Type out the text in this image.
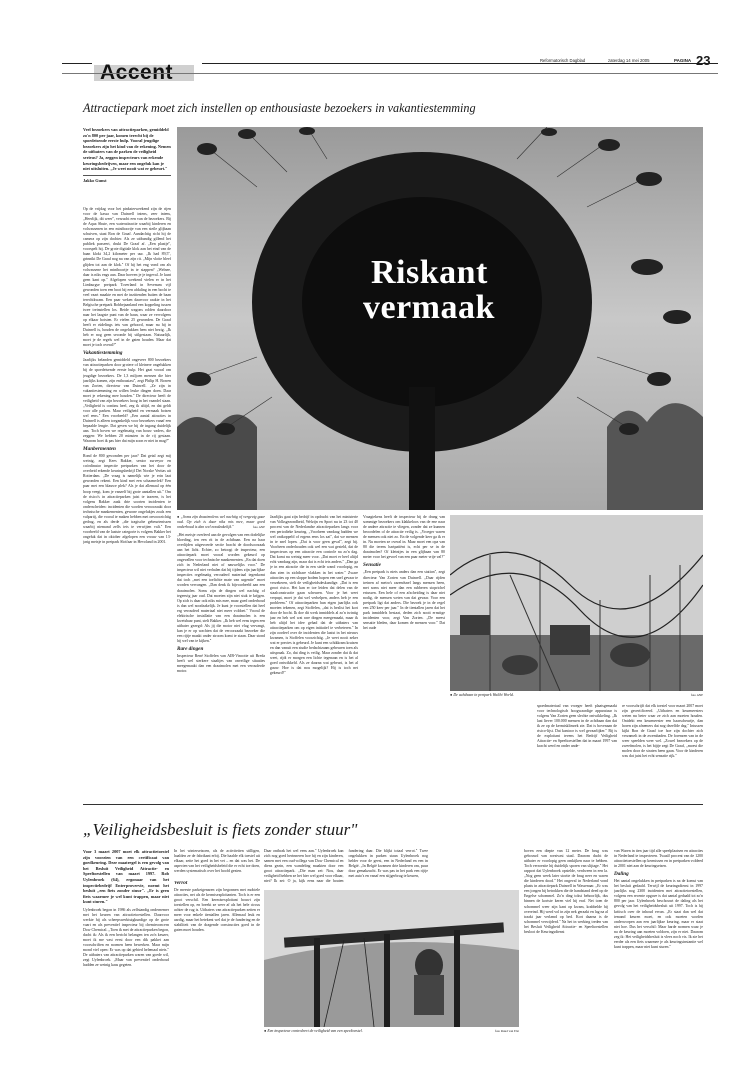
Accent
Reformatorisch Dagblad	zaterdag 14 mei 2005	PAGINA 23
Attractiepark moet zich instellen op enthousiaste bezoekers in vakantiestemming
Veel bezoekers van attractieparken, gemiddeld zo'n 800 per jaar, komen terecht bij de spoedeisende eerste hulp. Vooral jeugdige bezoekers zijn het kind van de rekening. Nemen de uitbaters van de parken de veiligheid serieus? Ja, zeggen inspecteurs van erkende keuringsbedrijven, maar een ongeluk kan je niet uitsluiten. „Je weet nooit wat er gebeurt."
Jakko Gunst

Op de vrijdag voor het pinksterweekend zijn de rijen voor de kassa van Duinrell intens, zeer intens, „Heerlijk, dit weer", verzucht een van de bezoekers. Bij de Aqua Sbute, een waterattractie waarbij kinderen en volwassenen in een miniboortje van een steile glijbaan schuiven, staat Ron de Graaf. Aandachtig richt hij de camera op zijn dochter. Als ze uitbundig gillend het publiek passeert, drukt De Graaf af. „Een plaatje", voorspelt hij. De grote digitale klok aan het eind van de baan klokt 34,2 kilometer per uur. „Ik had 89,5", grinnikt De Graaf nog na van zijn rit. „Mijn vlotte bleef glijden tot aan de klok." Of hij het eng vond om als volwassene het miniboortje in te stappen? „Welnee, daar is niks engs aan. Daar hoeven je je ingeval. Je kunt geen kant op." Afgelopen weekend vielen er in het Limburgse pretpark Toverland in Sevenum vijf gewonden toen een boot bij een afdaling in een bocht te veel vaart maakte en met de inzittenden buiten de baan terechtkwam. Een paar weken daarvoor raakte in het Belgische pretpark Bobbejaanland een koppeling tussen twee treinstellen los. Beide wagons rolden daardoor naar het laagste punt van de baan, waar ze vervolgens op elkaar botsten. Er vielen 25 gewonden. De Graaf heeft er rüdelings iets van gehoord, maar nu hij in Duinrell is, houden de ongelukken hem niet bezig. „Ik heb er nog geen seconde bij stilgestaan. Natuurlijk, moet je de regels wel in de gaten houden. Maar dat moet je toch overal?"

Vakantiestemming

Jaarlijks belanden gemiddeld ongeveer 800 bezoekers van attractieparken door grotere of kleinere ongelukken bij de spoedeisende eerste hulp. Het gaat vooral om jeugdige bezoekers. De 1,3 miljoen mensen die hier jaarlijks komen, zijn enthousiast", zegt Philip H. Borren van Zorten, directeur van Duinrell. „Ze zijn in vakantiestemming en willen leuke dingen doen. Daar moet je rekening mee houden." De directeur heeft de veiligheid van zijn bezoekers hoog in het vaandel staan. „Veiligheid is continu heel, zeg ik altijd, en dat geldt voor alle parken. Maar veiligheid en vermaak botsen wel eens." Een voorbeeld? „Een aantal attracties in Duinrell is alleen toegankelijk voor bezoekers vanaf een bepaalde lengte. Dat geven we bij de ingang duidelijk aan. Toch boven we regelmatig van bouw vaders, die zeggen: We hebben 20 minuten in de rij gestaan. Waarom hoet ik pas hier dat mijn zoon er niet in mag?"

Manbermenten

Rond de 800 gewonden per jaar? Dat getal zegt mij weinig, zegt Kees Bakker, senior surveyor en coördinator inspectie pretparken van het door de overheid erkende keuringsbedrijf Det Norske Veritas uit Rotterdam. „De vraag is namelijk wie je erin laat gewonden rekent. Een kind met een schaamvlek? Een paar met een blauwe plek? Als je dat allemaal op één hoop veegt, kom je vanzelf bij grote aantallen uit." Om de risico's in attractieparken juist te taxeren, is het volgens Bakker zaak drie soorten incidenten te onderscheiden: incidenten die worden veroorzaakt door technische mankementen, gewone ongelukjes zoals een valpartij, die vooral te maken hebben met onvoorzichtig gedrag, en als derde „die tragische gebeurtenissen waarbij niemand zelfs iets te verwijten valt." Een voorbeeld van de laatste categorie is volgens Bakker het ongeluk dat in oktober afgelopen een vrouw van 13-jarig meisje in pretpark Slotfaar in Hevoland in 2001.

Riskant
vermaak
● „Soms zijn draaimolens wel nachtig of vergevig gaar oud. Op zich is daar niks mis mee, maar goed onderhoud is dan wel noodzakelijk."	foto ANP

„Het meisje overleed aan de gevolgen van een dodelijke bloeding, ten een rit in de achtbaan. Een na haar overlijden uitgevoerde sectie bracht de doodsoorzaak aan het licht. Echter, zo betoogt de inspecteur, een attractiepark moet vooral worden gekeurd op ongevallen voor technische mankementen. „En dat doen zich in Nederland niet of nauwelijks voor." De inspecteur wil niet verhalen dat hij tijdens zijn jaarlijkse inspecties regelmatig verouderd materiaal tegenkomt dat toch „met een toelichte mate van urgentie" moet worden vervangen. „Dan denk ik bijvoorbeeld aan een draaimolen. Soms zijn de dingen wel nachtig of tegenvig jaar oud. Dat moeten zijn niet stuk te krijgen. Op zich is daar ook niks mis mee, maar goed onderhoud is dan wel noodzakelijk. Je kunt je voorstellen dat heel erg verouderd materiaal niet meer voldoet." Vooral de elektrische installatie van een draaimolen is een kwetsbaar punt, stelt Bakker. „Ik heb wel eens tegen een uitbater gezegd: Als jij die motor niet vlug vervangt, kan je er op wachten dat de veroorzaakt bezoeker die een rijtje maakt onder stroom komt te staan. Daar stond hij wel van te kijken."

Rare dingen

Inspecteur René Stoffelen van AIB-Vincotte uit Breda heeft wel sterkere staaltjes van onveilige situaties meegemaakt dan een draaimolen met een verouderde motor.

Jaarlijks gaat zijn bedrijf in opdracht van het ministerie van Volksgezondheid, Welzijn en Sport nu in 23 tot 40 procent van de Nederlandse attractieparken langs voor een periodieke keuring. „Voorheen vandaag hadden we wel ontkoppeld of ergens eens los zat", dat we mensen in te snel lopen. „Dat is voor geen geval", zegt hij. Voorheen onderhouden ook wel een wat gesteld, dat de inspecteurs op een attractie een controle na zo'n dag. Dat komt nu weinig meer voor. „Dat moet er heel altijd echt vandaag zijn, maar dat is echt iets anders." „Dan ga je in een attractie die in een steile wand voorlopig, en dan zien in zichtbare vlakken in het water." Zware attracties op een sloppe bodem hopen een snel gevaar te verzekeren, stelt de veiligheidsdeskundige. „Dat is een groot risico. Het kan er toe leiden dat delen van de staalconstructie gaan scheuren. Voor je het weet verpapt, moet je dat wel verhelpen, anders heb je een probleem." Of attractieparken hun eigen jaarlijks ook moeten tekenen, zegt Stoffelen, „dat is beslist het kort door de bocht. Ik doe dit werk inmiddels al zo'n twintig jaar en heb wel wat rare dingen meegemaakt, maar ik heb altijd het idee gehad dat de uitbaters van attractieparken om op eigen initiatief te verbeteren." In zijn oordeel over de incidenten die laatst in het nieuws kwamen, is Stoffelen voorzichtig. „Je weet nooit zeker wat er precies is gebeurd. Je kunt een schikkram kruisen en dan vanuit een studie bedachtzaam gebeuren toen als uitspraak. Zo, dat ding is veilig. Maar zonder dat ik dat weet, rijdt er morgen een lichte tegenaan en is het al goed ontwikkeld. Als ze daarna wat gebeurt, is het al gauw: Hoe is dat nou mogelijk? Hij is toch net gekeurd?"

Vraagtekens heeft de inspecteur bij de drang van sommige bezoekers om klakkeloos van de ene naar de andere attractie te vliegen, zonder dat ze kunnen beoordelen of de attractie veilig is. „Vroeger waren de mensen ook niet zo. En de volgende keer ga ik er in. Nu moeten ze overal in. Maar moet een opa van 80 die terens hartpatiënt is, echt per se in de draaimolen? Of kleintjes in een glijbaan van 80 meter voor het gevoel van een paar meter vrije val?"

Sensatie

„Een pretpark is niets anders dan een station", zegt directeur Van Zorten van Duinrell. „Daar rijden treinen af metro's razendsnel langs mensen heen, met soms niet meer dan een rubberen stoprichel ertussen. Een hele of een afscheiding is daar niet nodig, de mensen weten van dat gevaar. Voor een pretpark ligt dat anders. Die bezoek je in de regel een 250 keer per jaar." In de tientallen jaren dat het park inmiddels bestaat, deden zich nooit ernstige incidenten voor, zegt Van Zorten. „De meest sensatie bleden, daar komen de mensen voor." Dat het oude

● De achtbaan in pretpark Walibi World.	foto ANP

spoedmateriaal van vroeger heeft plaatsgemaakt voor technologisch hoogwaardige apparatuur is volgens Van Zorten geen slechte ontwikkeling. „Ik laat liever 100.000 mensen in de achtbaan dan dat ik ze op de kermisklimrek zie. Dat is bovenaan de risico-lijst. Dat kantoor is wel gevaarlijker." Bij is de exploitant tevens het Bedrijf Veiligheid Attractie- en Speeltoestellen dat in maart 1997 van kracht werd en onder ande-

re voorschrijft dat elk toestel voor maart 2007 moet zijn gecertificeerd. „Uitbaters en keurmeesters weten nu beter waar ze zich aan moeten houden. Ontdekt een keurmeester een haarscheurtje, dan horen zijn afnemers dat nog dezelfde dag." Intussen kijkt Ron de Graaf toe hoe zijn dochter zich verzamelt in de zwembaden. De forenzen van in de weer speelden weer wel. „Zowel bezoekers op de zweefmolen, is het bijtje zegt De Graaf, „moest die molen door de straten heen gaan. Voor de kinderen was dat juist het echt sensatie rijk."

„Veiligheidsbesluit is fiets zonder stuur"
Voor 3 maart 2007 moet elk attractietoestel zijn voorzien van een certificaat van goedkeuring. Deze maatregel is een gevolg van het Besluit Veiligheid Attractie- en Speeltoestellen van maart 1997. Rob Uylenbroek (64), ergonaar van het inspectiebedrijf Enterprovervie, noemt het besluit „een fiets zonder stuur". „Er is geen fiets waarmee je wel kunt trappen, maar niet kunt sturen."

Uylenbroek begon in 1986 als zelfstandig ondernemer met het keuren van attractietoestellen. Daarvoor werkte hij als scheepswerktuigkundige op de grote vaart en als preventief inspecteur bij chemieconcern Dow Chemical. „Toen ik met de attractieparken begon, dacht ik: Als ik een bericht belangen ten zo'n keuzer, moet ik me vast eerst door een dik pakket aan voorschriften en normen heen bewerken. Maar mijn mond viel open: Er was op dat gebied helemaal niets." De uitbaters van attractieparken waren van goede wil, zegt Uylenbroek. „Maar van preventief onderhoud hadden ze weinig kaas gegeten.

In het winterseizoen, als de activiteiten stilligen, haalden ze de fabrikant erbij. Die haalde elk toestel uit elkaar, zette het goed in het vet – en dat was het. De aspecten van het veiligheidsbeleid die er echt toe doen, werden systematisch over het hoofd gezien.

Verrot

De meeste parkeigenaren zijn begonnen met mobiele attracties, net als de kermisexploitanten. Toch is er een groot verschil. Een kermisexploitant bouwt zijn toestellen op, en breekt ze weer af als het hele circus achter de rug is. Uitbaters van attractieparken zetten er meer voor enkele tientallen jaren. Allemaal leuk en aardig, maar het betekent wel dat je de fundering en de stabiliteit van de dragende constructies goed in de gaten moet houden.

● Een inspecteur controleert de veiligheid van een speeltoestel.	foto Ruud van Elst

Daar ontbrak het wel eens aan." Uylenbroek kan zich nog goed herinneren hoe hij en zijn kinderen, samen met een oud-collega van Dow Chemical en diens gezin, een wandeling maakten door een groot attractiepark. „Die man zei: Nou, daar veiligheid hebben ze het hier wel goed voor elkaar, niet? Ik zei: O ja, kijk eens naar die houten fundering daar. Die blijkt totaal verrot." Twee ongelukken in parken staan Uylenbroek nog helder voor de geest, een in Nederland en een in België. „In België kwamen drie kinderen om, puur door gemakzucht. Er was pas in het park een rijtje met auto's en vanaf een stijgerbrug te keuren,

boven een diepte van 12 meter. De brug was gebouwd van roestvast staal. Daarom dacht de uitbater er voorlopig geen omkijken naar te hebben. Toch verroestte hij duidelijk sporen van slijtage." Het rapport dat Uylenbroek opstelde, verdween in een la. „Nog geen week later stortte de brug neer en waren die kinderen dood." Het ongeval in Nederland vond plaats in attractiepark Duinrell in Wassenaar. „Er was een jongen bij betrokken die de handstand deed op de Engelse schommel. Zo'n ding tokst behoorlijk, dus binnen de kortste keren viel hij eraf. Net toen de schommel weer zijn kant op kwam, krabbelde hij overeind. Hij werd vol in zijn nek geraakt en lag na al traakt jaar verlamd op bed. Kort daarna is de schommel verwijderd." Na het in werking treden van het Besluit Veiligheid Attractie- en Speeltoestellen besloot de Keuringsdienst

van Waren in tien jaar tijd alle speelplaatsen en attracties in Nederland te inspecteren. Twaalf procent van de 1200 attractietoestellen op kermissen en in pretparken voldeed in 2001 niet aan de keuringseisen.

Daling

Het aantal ongelukken in pretparken is na de komst van het besluit gedaald. Terwijl de keuringsdienst in 1997 jaarlijks nog 2300 incidenten met attractietoestellen, volgens een recente opgave is dat aantal gedaald tot zo'n 800 per jaar. Uylenbroek beschouwt de daling als het gevolg van het veiligheidsbesluit uit 1997. Toch is hij kritisch over de inhoud ervan. „Er staat dan wel dat iemand keuren moet, en ook moeten worden onderworpen aan een jaarlijkse keuring, maar er staat niet hoe. Dus het verschil: Maar harde normen waar je na de keuring aan moeten voldoen, zijn er niet. Daarom zeg ik: Het veiligheidsbesluit is vlees noch vis. Ik zie het eerder als een fiets waarmee je als keuringsinstantie wel kunt trappen, maar niet kunt sturen."
